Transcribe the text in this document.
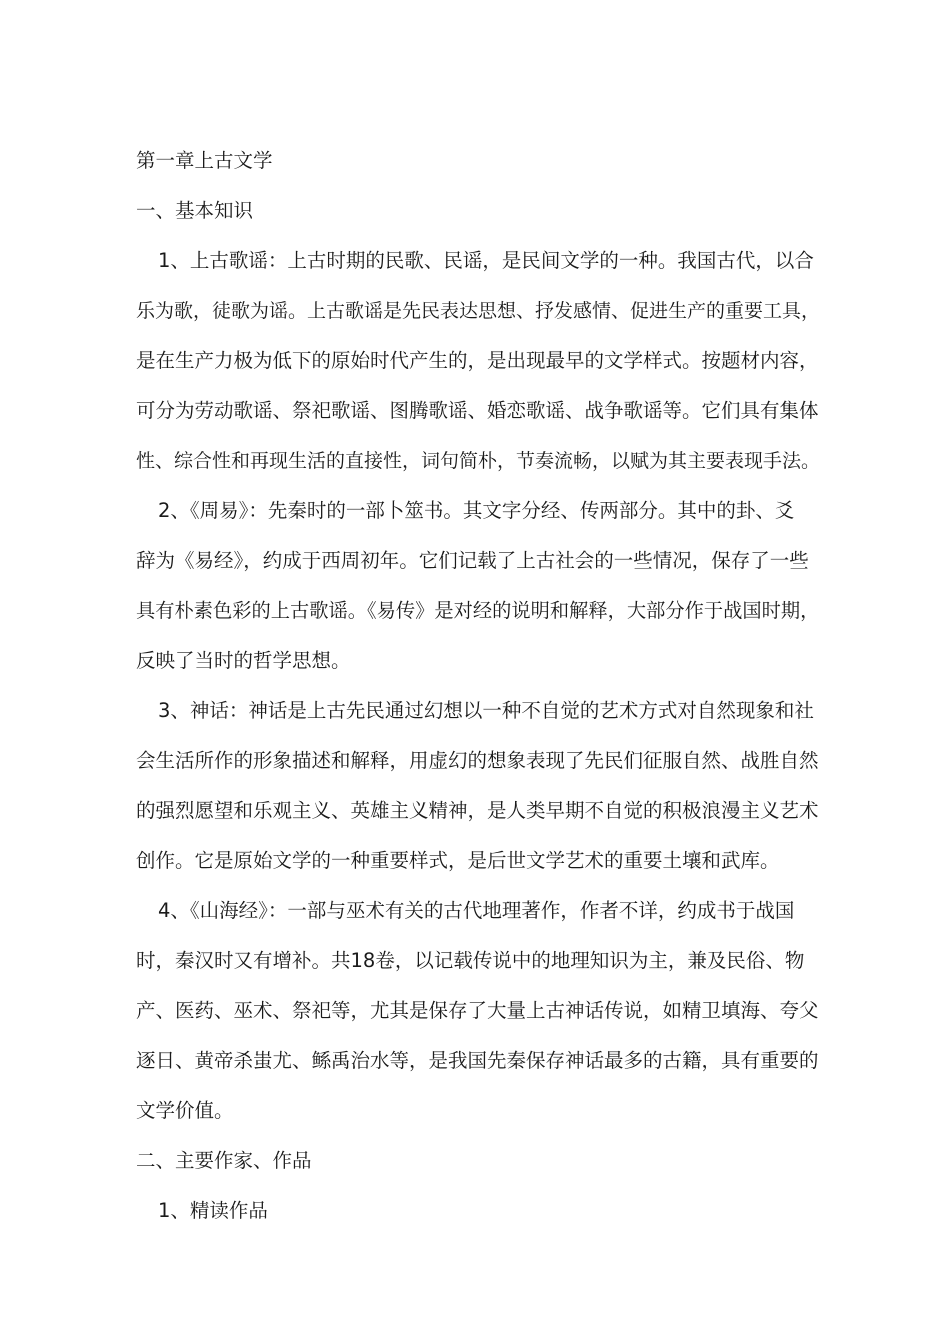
第一章上古文学
一、基本知识
1、上古歌谣：上古时期的民歌、民谣，是民间文学的一种。我国古代，以合
乐为歌，徒歌为谣。上古歌谣是先民表达思想、抒发感情、促进生产的重要工具，
是在生产力极为低下的原始时代产生的，是出现最早的文学样式。按题材内容，
可分为劳动歌谣、祭祀歌谣、图腾歌谣、婚恋歌谣、战争歌谣等。它们具有集体
性、综合性和再现生活的直接性，词句简朴，节奏流畅，以赋为其主要表现手法。
2、《周易》：先秦时的一部卜筮书。其文字分经、传两部分。其中的卦、爻
辞为《易经》，约成于西周初年。它们记载了上古社会的一些情况，保存了一些
具有朴素色彩的上古歌谣。《易传》是对经的说明和解释，大部分作于战国时期，
反映了当时的哲学思想。
3、神话：神话是上古先民通过幻想以一种不自觉的艺术方式对自然现象和社
会生活所作的形象描述和解释，用虚幻的想象表现了先民们征服自然、战胜自然
的强烈愿望和乐观主义、英雄主义精神，是人类早期不自觉的积极浪漫主义艺术
创作。它是原始文学的一种重要样式，是后世文学艺术的重要土壤和武库。
4、《山海经》：一部与巫术有关的古代地理著作，作者不详，约成书于战国
时，秦汉时又有增补。共18卷，以记载传说中的地理知识为主，兼及民俗、物
产、医药、巫术、祭祀等，尤其是保存了大量上古神话传说，如精卫填海、夸父
逐日、黄帝杀蚩尤、鲧禹治水等，是我国先秦保存神话最多的古籍，具有重要的
文学价值。
二、主要作家、作品
1、精读作品
